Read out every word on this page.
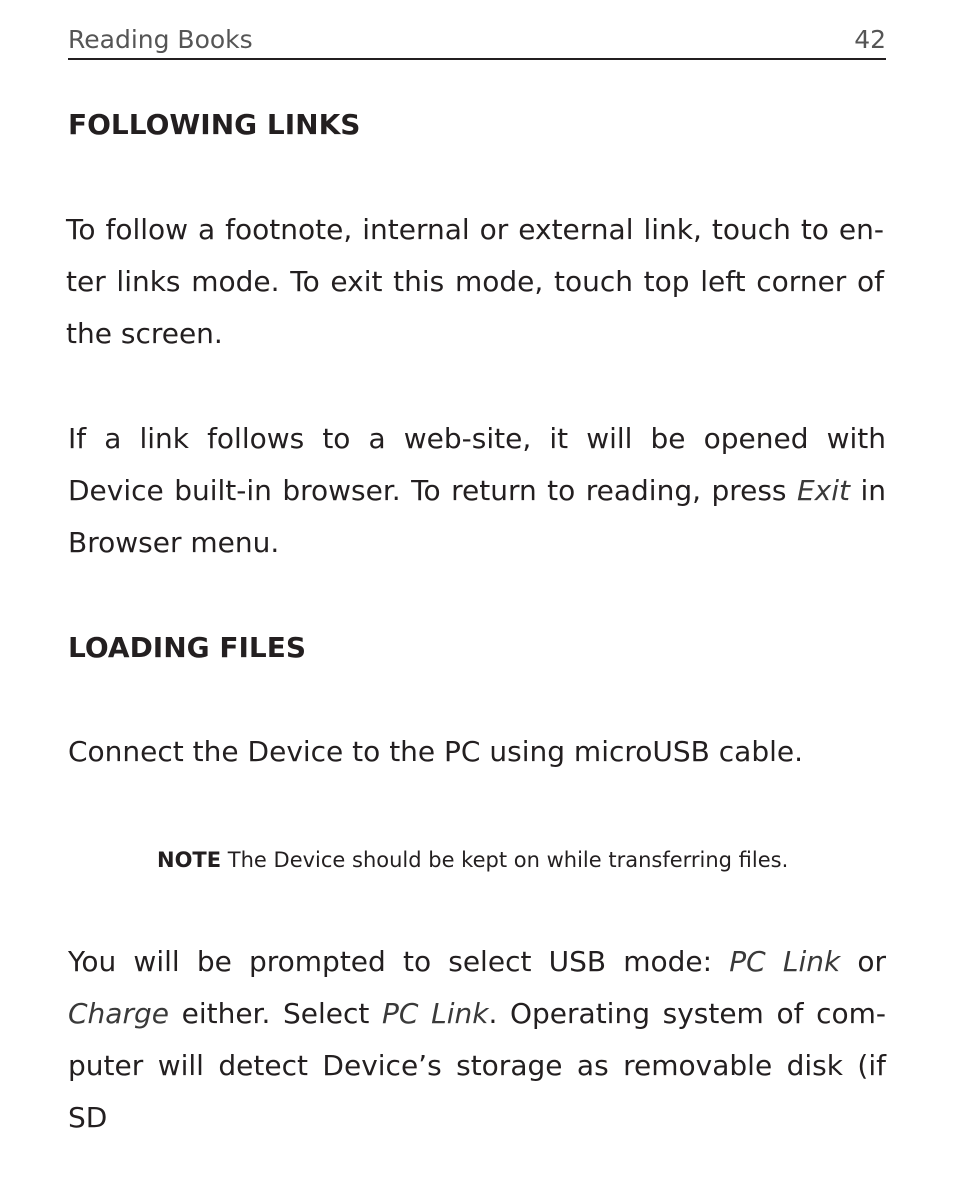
Reading Books	42
FOLLOWING LINKS

To follow a footnote, internal or external link, touch to en-ter links mode. To exit this mode, touch top left corner of the screen.

If a link follows to a web-site, it will be opened with Device built-in browser. To return to reading, press Exit in Browser menu.

LOADING FILES

Connect the Device to the PC using microUSB cable.

NOTE The Device should be kept on while transferring files.

You will be prompted to select USB mode: PC Link or Charge either. Select PC Link. Operating system of com-puter will detect Device’s storage as removable disk (if SD
